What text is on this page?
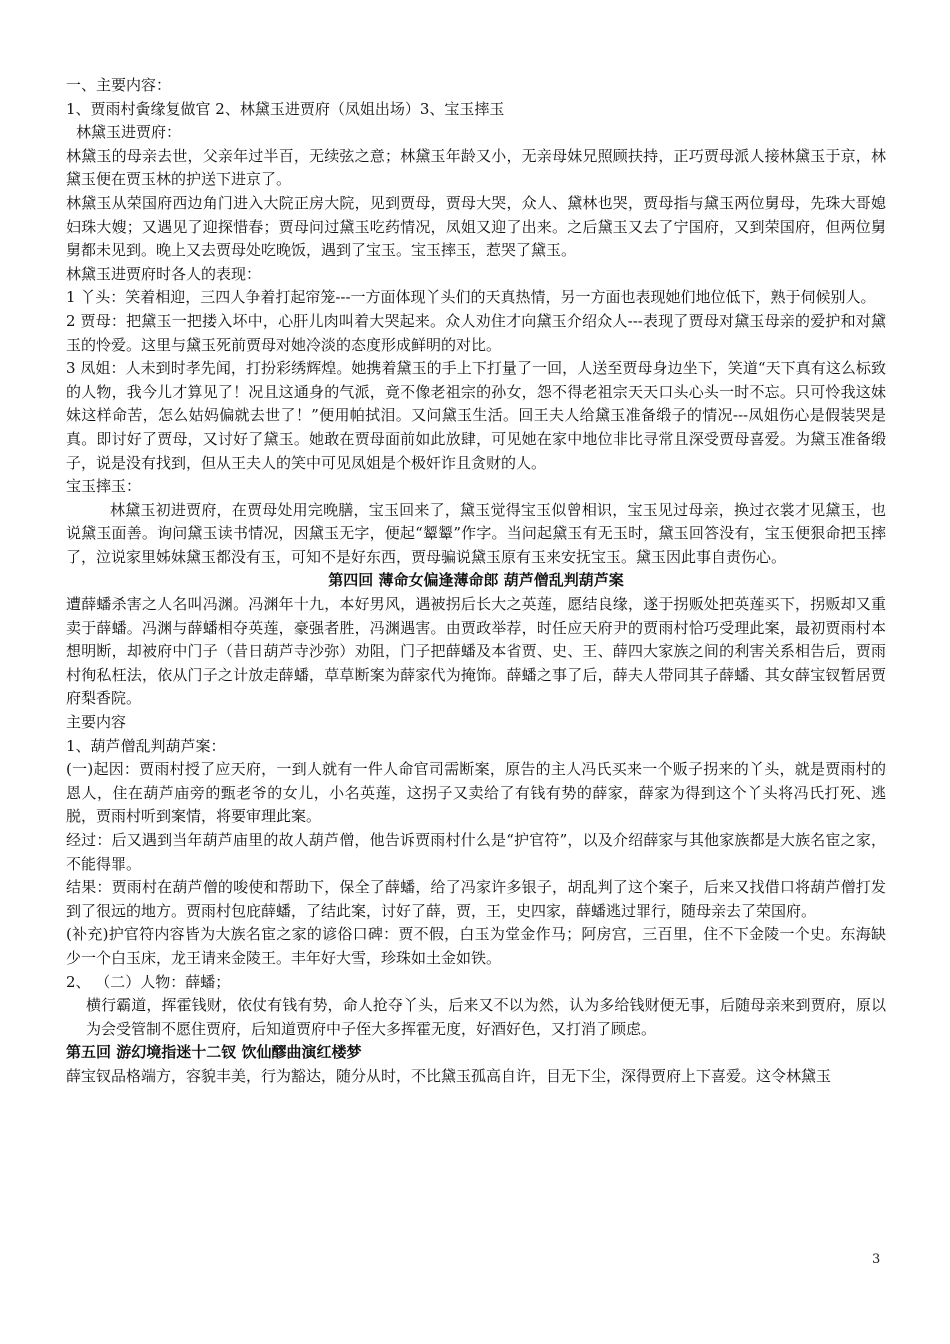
一、主要内容：

1、贾雨村夤缘复做官 2、林黛玉进贾府（凤姐出场）3、宝玉摔玉

林黛玉进贾府：

林黛玉的母亲去世，父亲年过半百，无续弦之意；林黛玉年龄又小，无亲母妹兄照顾扶持，正巧贾母派人接林黛玉于京，林黛玉便在贾玉林的护送下进京了。

林黛玉从荣国府西边角门进入大院正房大院，见到贾母，贾母大哭，众人、黛林也哭，贾母指与黛玉两位舅母，先珠大哥媳妇珠大嫂；又遇见了迎探惜春；贾母问过黛玉吃药情况，凤姐又迎了出来。之后黛玉又去了宁国府，又到荣国府，但两位舅舅都未见到。晚上又去贾母处吃晚饭，遇到了宝玉。宝玉摔玉，惹哭了黛玉。

林黛玉进贾府时各人的表现：

1 丫头：笑着相迎，三四人争着打起帘笼---一方面体现丫头们的天真热情，另一方面也表现她们地位低下，熟于伺候别人。

2 贾母：把黛玉一把搂入坏中，心肝儿肉叫着大哭起来。众人劝住才向黛玉介绍众人---表现了贾母对黛玉母亲的爱护和对黛玉的怜爱。这里与黛玉死前贾母对她冷淡的态度形成鲜明的对比。

3 凤姐：人未到时孝先闻，打扮彩绣辉煌。她携着黛玉的手上下打量了一回，人送至贾母身边坐下，笑道“天下真有这么标致的人物，我今儿才算见了！况且这通身的气派，竟不像老祖宗的孙女，怨不得老祖宗天天口头心头一时不忘。只可怜我这妹妹这样命苦，怎么姑妈偏就去世了！”便用帕拭泪。又问黛玉生活。回王夫人给黛玉准备缎子的情况---凤姐伤心是假装哭是真。即讨好了贾母，又讨好了黛玉。她敢在贾母面前如此放肆，可见她在家中地位非比寻常且深受贾母喜爱。为黛玉准备缎子，说是没有找到，但从王夫人的笑中可见凤姐是个极奸诈且贪财的人。

宝玉摔玉：

林黛玉初进贾府，在贾母处用完晚膳，宝玉回来了，黛玉觉得宝玉似曾相识，宝玉见过母亲，换过衣裳才见黛玉，也说黛玉面善。询问黛玉读书情况，因黛玉无字，便起“颦颦”作字。当问起黛玉有无玉时，黛玉回答没有，宝玉便狠命把玉摔了，泣说家里姊妹黛玉都没有玉，可知不是好东西，贾母骗说黛玉原有玉来安抚宝玉。黛玉因此事自责伤心。

第四回 薄命女偏逢薄命郎 葫芦僧乱判葫芦案

遭薛蟠杀害之人名叫冯渊。冯渊年十九，本好男风，遇被拐后长大之英莲，愿结良缘，遂于拐贩处把英莲买下，拐贩却又重卖于薛蟠。冯渊与薛蟠相夺英莲，豪强者胜，冯渊遇害。由贾政举荐，时任应天府尹的贾雨村恰巧受理此案，最初贾雨村本想明断，却被府中门子（昔日葫芦寺沙弥）劝阻，门子把薛蟠及本省贾、史、王、薛四大家族之间的利害关系相告后，贾雨村徇私枉法，依从门子之计放走薛蟠，草草断案为薛家代为掩饰。薛蟠之事了后，薛夫人带同其子薛蟠、其女薛宝钗暂居贾府梨香院。

主要内容

1、葫芦僧乱判葫芦案：

(一)起因：贾雨村授了应天府，一到人就有一件人命官司需断案，原告的主人冯氏买来一个贩子拐来的丫头，就是贾雨村的恩人，住在葫芦庙旁的甄老爷的女儿，小名英莲，这拐子又卖给了有钱有势的薛家，薛家为得到这个丫头将冯氏打死、逃脱，贾雨村听到案情，将要审理此案。

经过：后又遇到当年葫芦庙里的故人葫芦僧，他告诉贾雨村什么是“护官符”，以及介绍薛家与其他家族都是大族名宦之家，不能得罪。

结果：贾雨村在葫芦僧的唆使和帮助下，保全了薛蟠，给了冯家许多银子，胡乱判了这个案子，后来又找借口将葫芦僧打发到了很远的地方。贾雨村包庇薛蟠，了结此案，讨好了薛，贾，王，史四家，薛蟠逃过罪行，随母亲去了荣国府。

(补充)护官符内容皆为大族名宦之家的谚俗口碑：贾不假，白玉为堂金作马；阿房宫，三百里，住不下金陵一个史。东海缺少一个白玉床，龙王请来金陵王。丰年好大雪，珍珠如土金如铁。

2、 （二）人物：薛蟠；

横行霸道，挥霍钱财，依仗有钱有势，命人抢夺丫头，后来又不以为然，认为多给钱财便无事，后随母亲来到贾府，原以为会受管制不愿住贾府，后知道贾府中子侄大多挥霍无度，好酒好色，又打消了顾虑。

第五回 游幻境指迷十二钗 饮仙醪曲演红楼梦

薛宝钗品格端方，容貌丰美，行为豁达，随分从时，不比黛玉孤高自许，目无下尘，深得贾府上下喜爱。这令林黛玉

3
